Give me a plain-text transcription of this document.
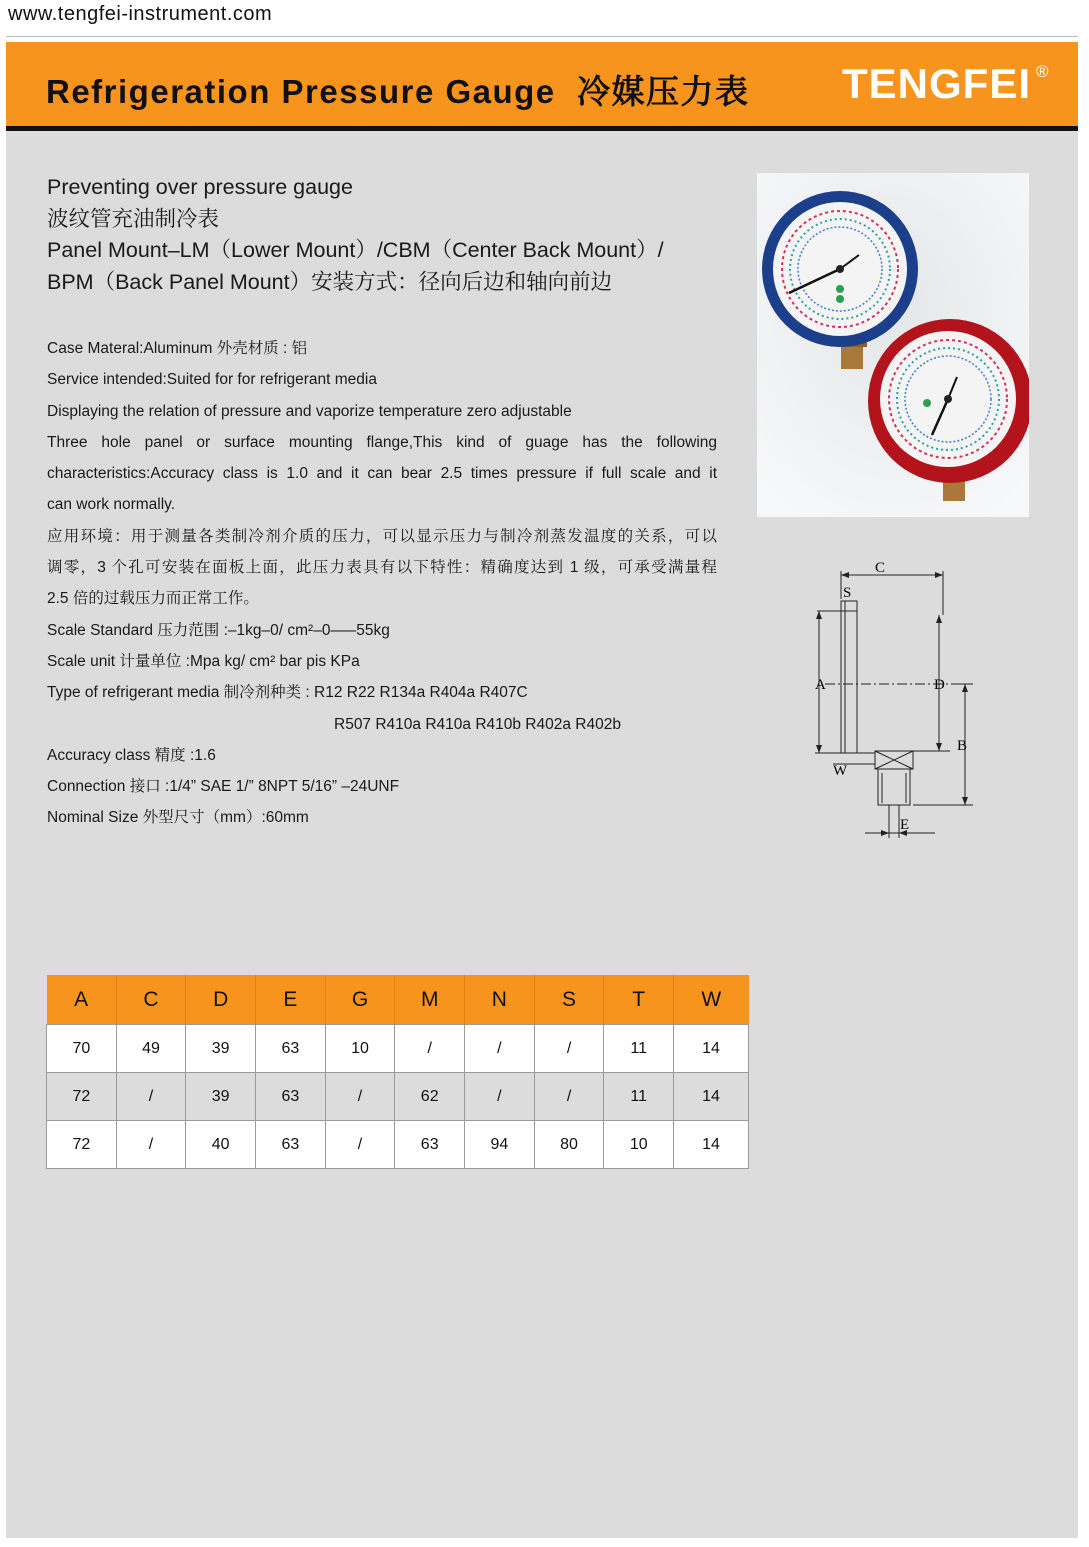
www.tengfei-instrument.com
Refrigeration Pressure Gauge  冷媒压力表 TENGFEI ®
Preventing over pressure gauge
波纹管充油制冷表
Panel Mount–LM（Lower Mount）/CBM（Center Back Mount）/
BPM（Back Panel Mount）安装方式：径向后边和轴向前边
Case Materal:Aluminum 外壳材质 : 铝
Service intended:Suited for for refrigerant media
Displaying the relation of pressure and vaporize temperature zero adjustable
Three hole panel or surface mounting flange,This kind of guage has the following
characteristics:Accuracy class is 1.0 and it can bear 2.5 times pressure if full scale and it
can work normally.
应用环境：用于测量各类制冷剂介质的压力，可以显示压力与制冷剂蒸发温度的关系，可以
调零，3 个孔可安装在面板上面，此压力表具有以下特性：精确度达到 1 级，可承受满量程
2.5 倍的过载压力而正常工作。
Scale Standard 压力范围 :–1kg–0/ cm²–0–––55kg
Scale unit 计量单位 :Mpa kg/ cm² bar pis KPa
Type of refrigerant media 制冷剂种类 : R12 R22 R134a R404a R407C
R507 R410a R410a R410b R402a R402b
Accuracy class 精度 :1.6
Connection 接口 :1/4” SAE 1/” 8NPT 5/16” –24UNF
Nominal Size 外型尺寸（mm）:60mm
C
S
A	D
B
W
E
A	C	D	E	G	M	N	S	T	W
70	49	39	63	10	/	/	/	11	14
72	/	39	63	/	62	/	/	11	14
72	/	40	63	/	63	94	80	10	14
